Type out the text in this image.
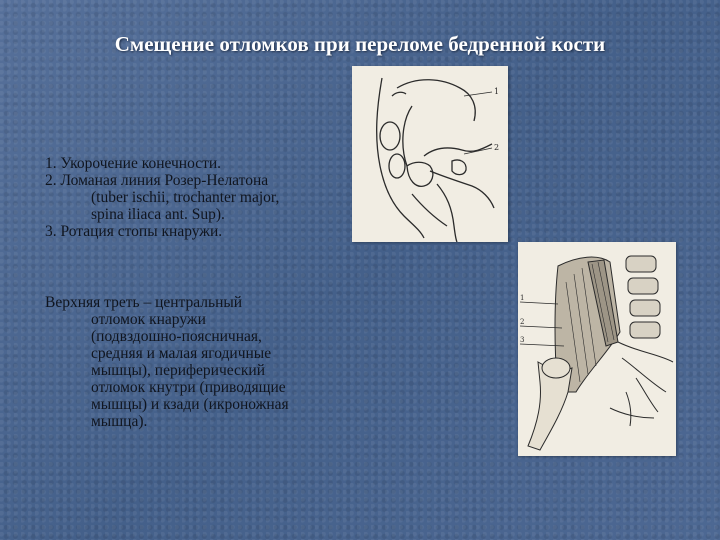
Смещение отломков при переломе бедренной кости
1
2
1
2
3
1. Укорочение конечности.
2. Ломаная линия Розер-Нелатона
(tuber ischii, trochanter major,
spina iliaca ant. Sup).
3. Ротация стопы кнаружи.
Верхняя треть – центральный
отломок кнаружи
(подвздошно-поясничная,
средняя и малая ягодичные
мышцы), периферический
отломок кнутри (приводящие
мышцы) и кзади (икроножная
мышца).
